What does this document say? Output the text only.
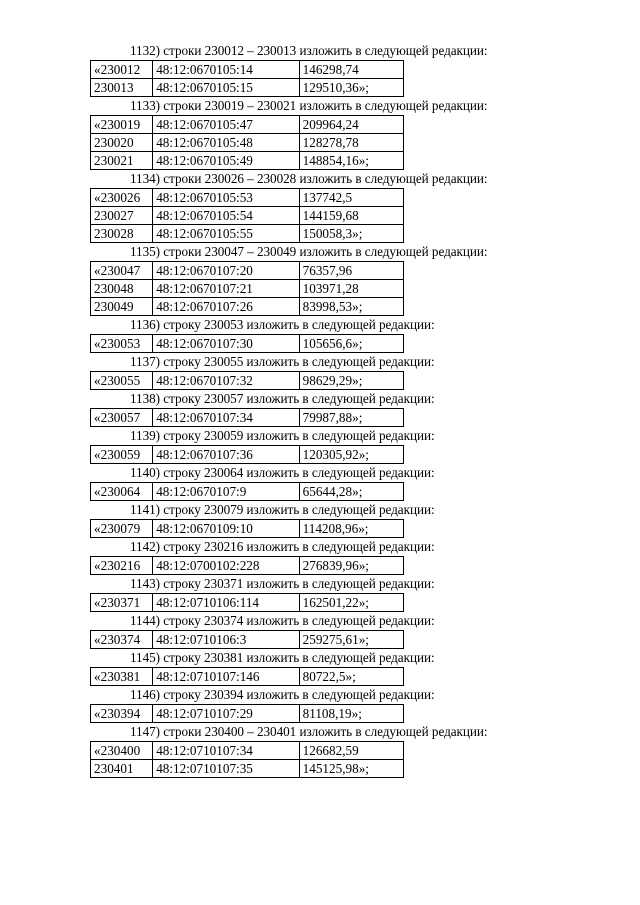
1132) строки 230012 – 230013 изложить в следующей редакции:
«230012	48:12:0670105:14	146298,74
230013	48:12:0670105:15	129510,36»;
1133) строки 230019 – 230021 изложить в следующей редакции:
«230019	48:12:0670105:47	209964,24
230020	48:12:0670105:48	128278,78
230021	48:12:0670105:49	148854,16»;
1134) строки 230026 – 230028 изложить в следующей редакции:
«230026	48:12:0670105:53	137742,5
230027	48:12:0670105:54	144159,68
230028	48:12:0670105:55	150058,3»;
1135) строки 230047 – 230049 изложить в следующей редакции:
«230047	48:12:0670107:20	76357,96
230048	48:12:0670107:21	103971,28
230049	48:12:0670107:26	83998,53»;
1136) строку 230053 изложить в следующей редакции:
«230053	48:12:0670107:30	105656,6»;
1137) строку 230055 изложить в следующей редакции:
«230055	48:12:0670107:32	98629,29»;
1138) строку 230057 изложить в следующей редакции:
«230057	48:12:0670107:34	79987,88»;
1139) строку 230059 изложить в следующей редакции:
«230059	48:12:0670107:36	120305,92»;
1140) строку 230064 изложить в следующей редакции:
«230064	48:12:0670107:9	65644,28»;
1141) строку 230079 изложить в следующей редакции:
«230079	48:12:0670109:10	114208,96»;
1142) строку 230216 изложить в следующей редакции:
«230216	48:12:0700102:228	276839,96»;
1143) строку 230371 изложить в следующей редакции:
«230371	48:12:0710106:114	162501,22»;
1144) строку 230374 изложить в следующей редакции:
«230374	48:12:0710106:3	259275,61»;
1145) строку 230381 изложить в следующей редакции:
«230381	48:12:0710107:146	80722,5»;
1146) строку 230394 изложить в следующей редакции:
«230394	48:12:0710107:29	81108,19»;
1147) строки 230400 – 230401 изложить в следующей редакции:
«230400	48:12:0710107:34	126682,59
230401	48:12:0710107:35	145125,98»;
